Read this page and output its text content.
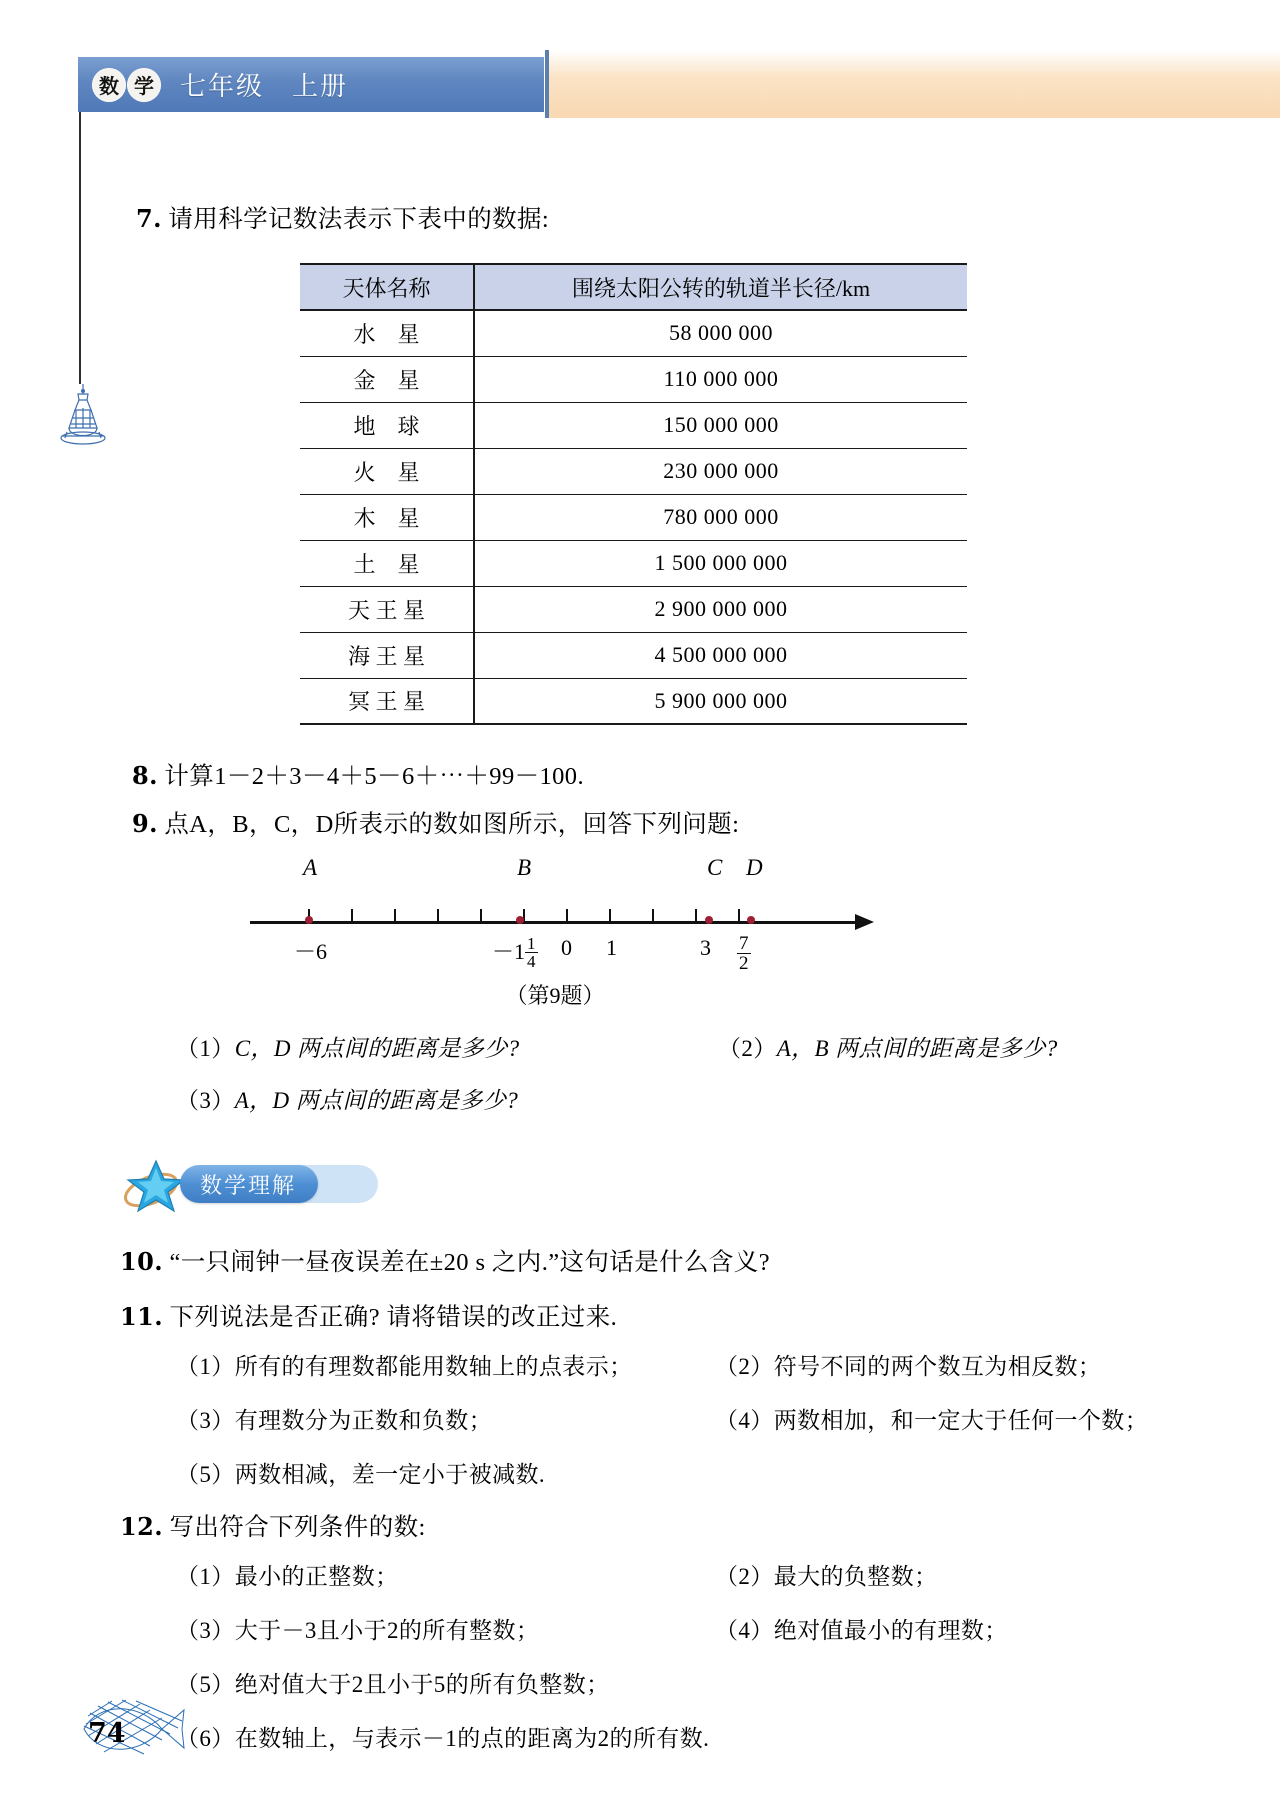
数 学 七年级　上册
7. 请用科学记数法表示下表中的数据:
天体名称	围绕太阳公转的轨道半长径/km
水　星	58 000 000
金　星	110 000 000
地　球	150 000 000
火　星	230 000 000
木　星	780 000 000
土　星	1 500 000 000
天 王 星	2 900 000 000
海 王 星	4 500 000 000
冥 王 星	5 900 000 000
8. 计算1－2＋3－4＋5－6＋⋯＋99－100.
9. 点A，B，C，D所表示的数如图所示，回答下列问题:
A	B	C D
－6	$-1 \frac{1}{4} 0$ 1	$3 \frac{7}{2}$
（第9题）
（1）C，D 两点间的距离是多少?	（2）A，B 两点间的距离是多少?
（3）A，D 两点间的距离是多少?
数学理解
10. “一只闹钟一昼夜误差在±20 s 之内.”这句话是什么含义?
11. 下列说法是否正确? 请将错误的改正过来.
（1）所有的有理数都能用数轴上的点表示；	（2）符号不同的两个数互为相反数；
（3）有理数分为正数和负数；	（4）两数相加，和一定大于任何一个数；
（5）两数相减，差一定小于被减数.
12. 写出符合下列条件的数:
（1）最小的正整数；	（2）最大的负整数；
（3）大于－3且小于2的所有整数；	（4）绝对值最小的有理数；
（5）绝对值大于2且小于5的所有负整数；
（6）在数轴上，与表示－1的点的距离为2的所有数.
74
